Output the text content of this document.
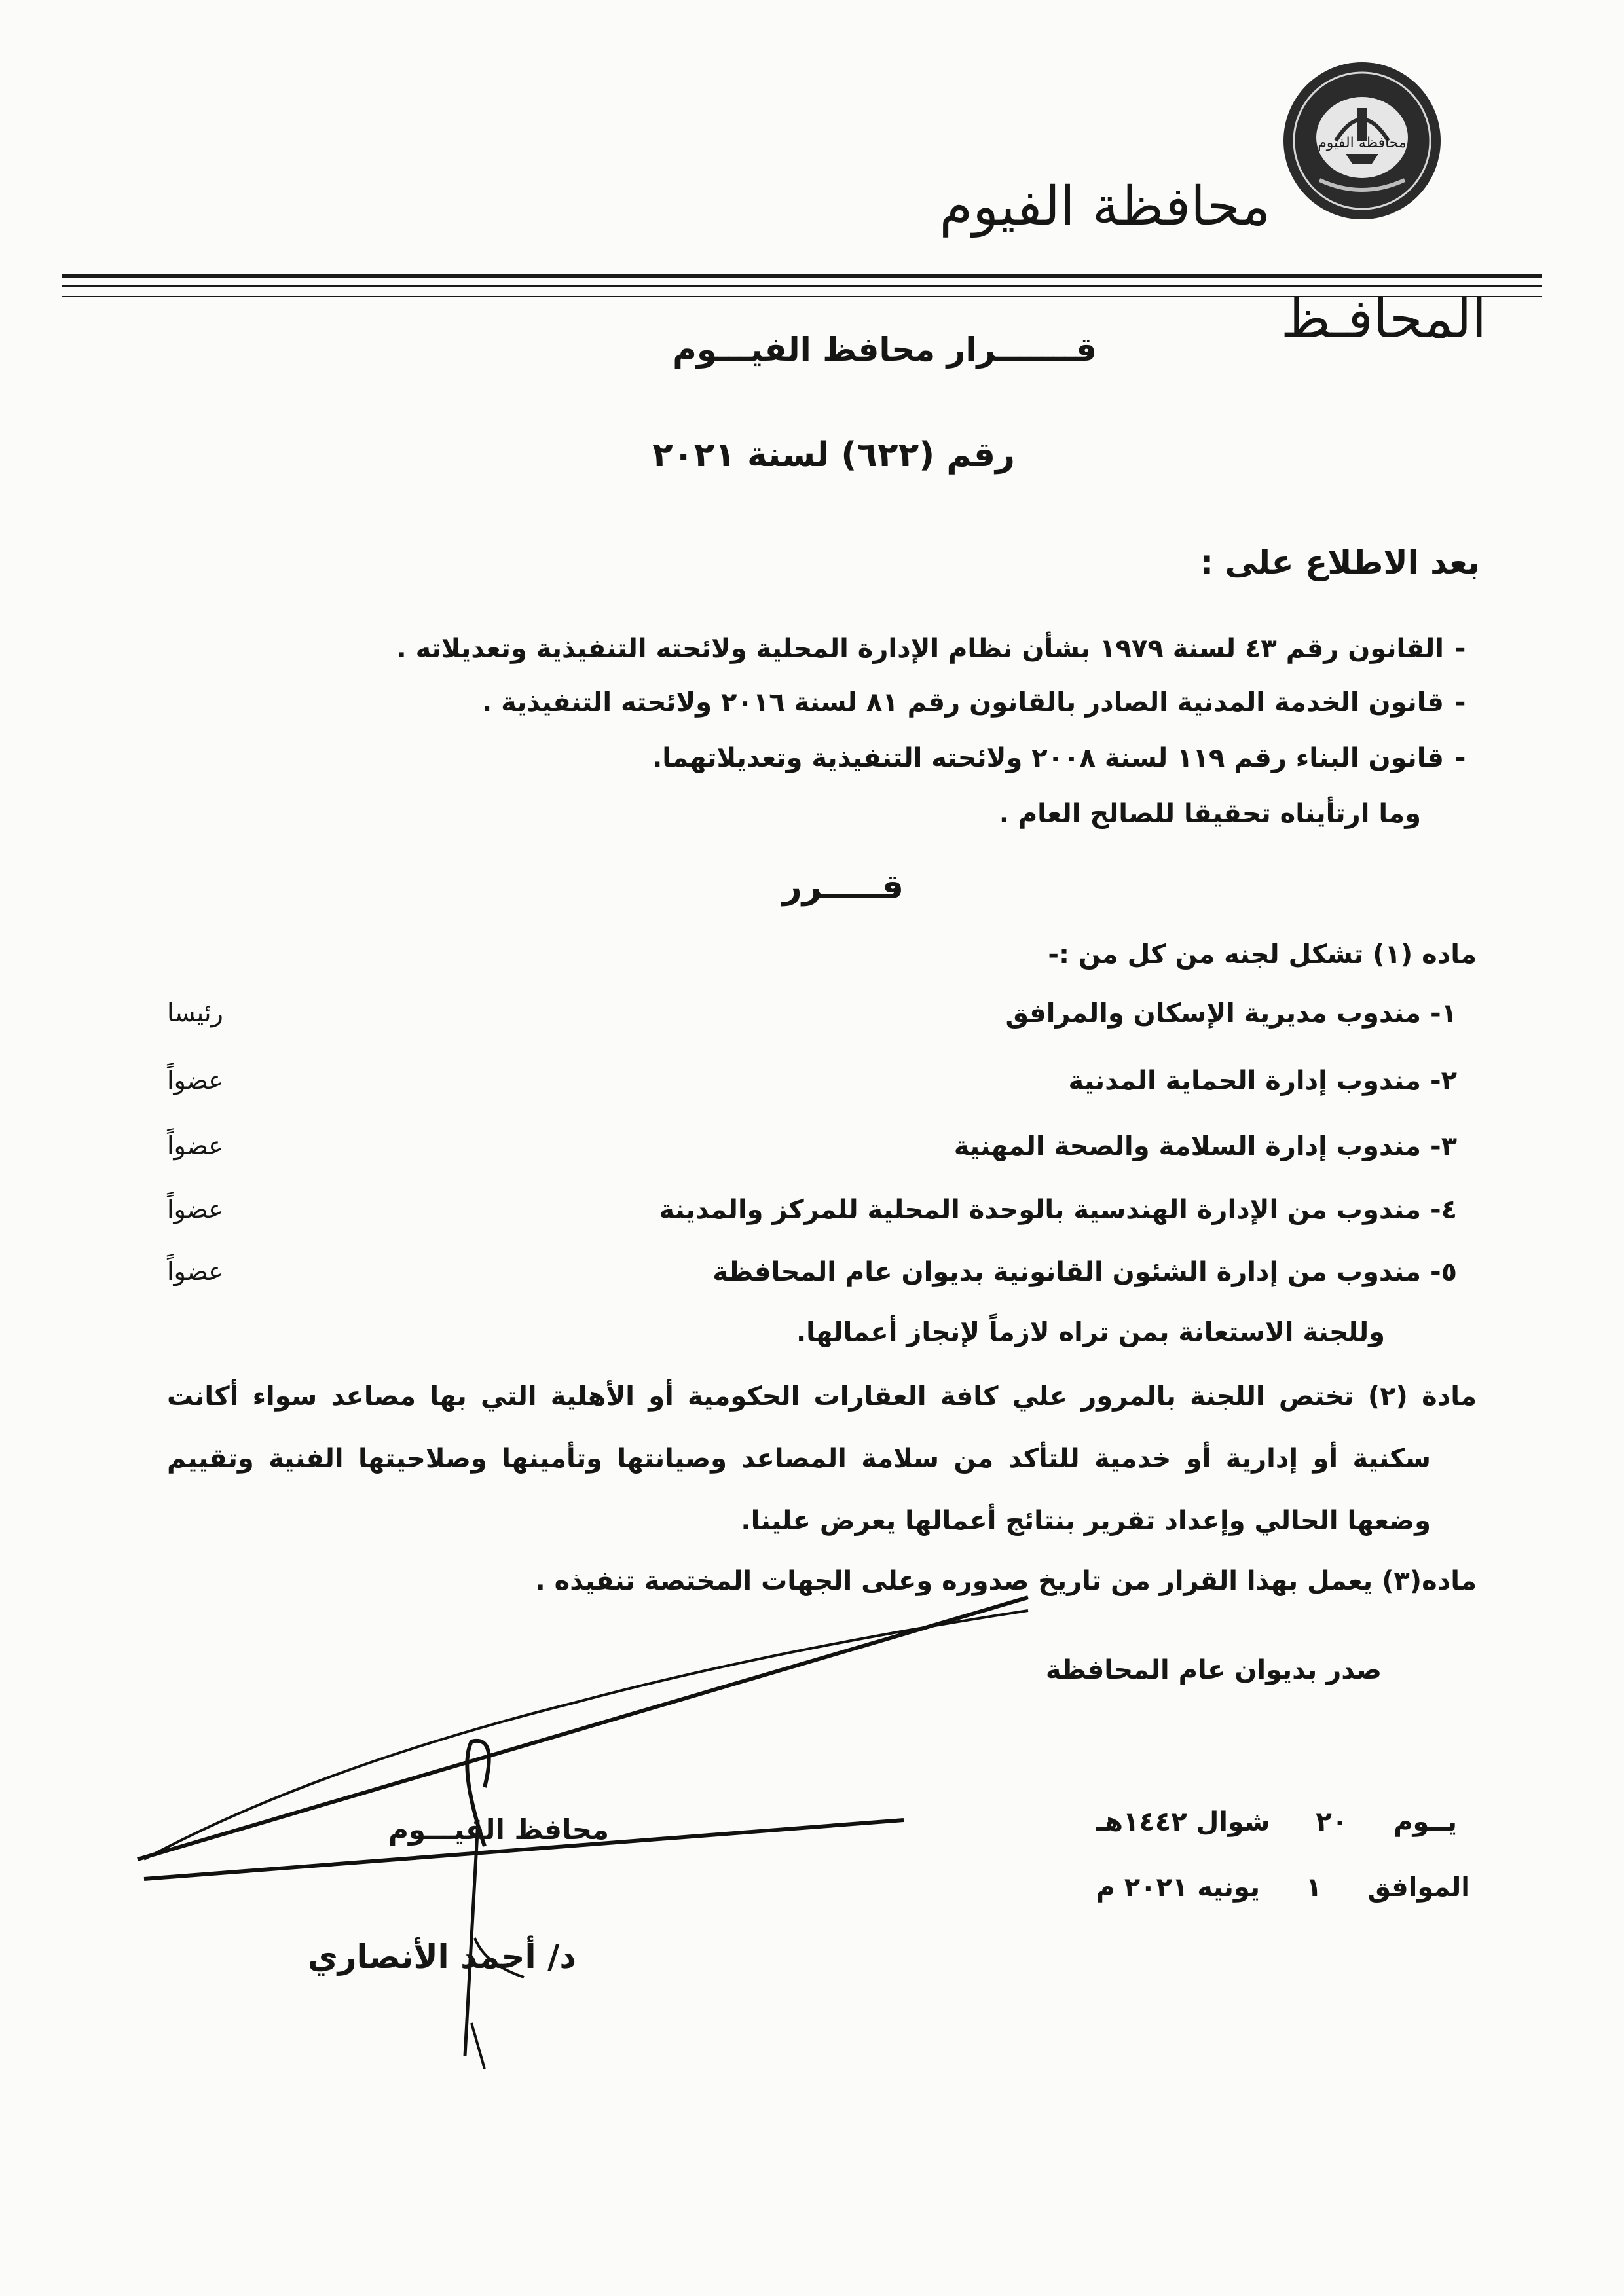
محافظة الفيوم
محافظة الفيوم
المحافـظ
قـــــــرار محافظ الفيـــوم
رقم (٦٢٢) لسنة ٢٠٢١
بعد الاطلاع على :
-القانون رقم ٤٣ لسنة ١٩٧٩ بشأن نظام الإدارة المحلية ولائحته التنفيذية وتعديلاته .
-قانون الخدمة المدنية الصادر بالقانون رقم ٨١ لسنة ٢٠١٦ ولائحته التنفيذية .
-قانون البناء رقم ١١٩ لسنة ٢٠٠٨ ولائحته التنفيذية وتعديلاتهما.
وما ارتأيناه تحقيقا للصالح العام .
قـــــرر
ماده (١) تشكل لجنه من كل من :-
١- مندوب مديرية الإسكان والمرافق
رئيسا
٢- مندوب إدارة الحماية المدنية
عضواً
٣- مندوب إدارة السلامة والصحة المهنية
عضواً
٤- مندوب من الإدارة الهندسية بالوحدة المحلية للمركز والمدينة
عضواً
٥- مندوب من إدارة الشئون القانونية بديوان عام المحافظة
عضواً
وللجنة الاستعانة بمن تراه لازماً لإنجاز أعمالها.
مادة (٢) تختص اللجنة بالمرور علي كافة العقارات الحكومية أو الأهلية التي بها مصاعد سواء أكانت
سكنية أو إدارية أو خدمية للتأكد من سلامة المصاعد وصيانتها وتأمينها وصلاحيتها الفنية وتقييم
وضعها الحالي وإعداد تقرير بنتائج أعمالها يعرض علينا.
ماده(٣) يعمل بهذا القرار من تاريخ صدوره وعلى الجهات المختصة تنفيذه .
صدر بديوان عام المحافظة
يــوم٢٠شوال ١٤٤٢هـ
الموافق١يونيه ٢٠٢١ م
محافظ الفيـــوم
د/ أحمد الأنصاري
